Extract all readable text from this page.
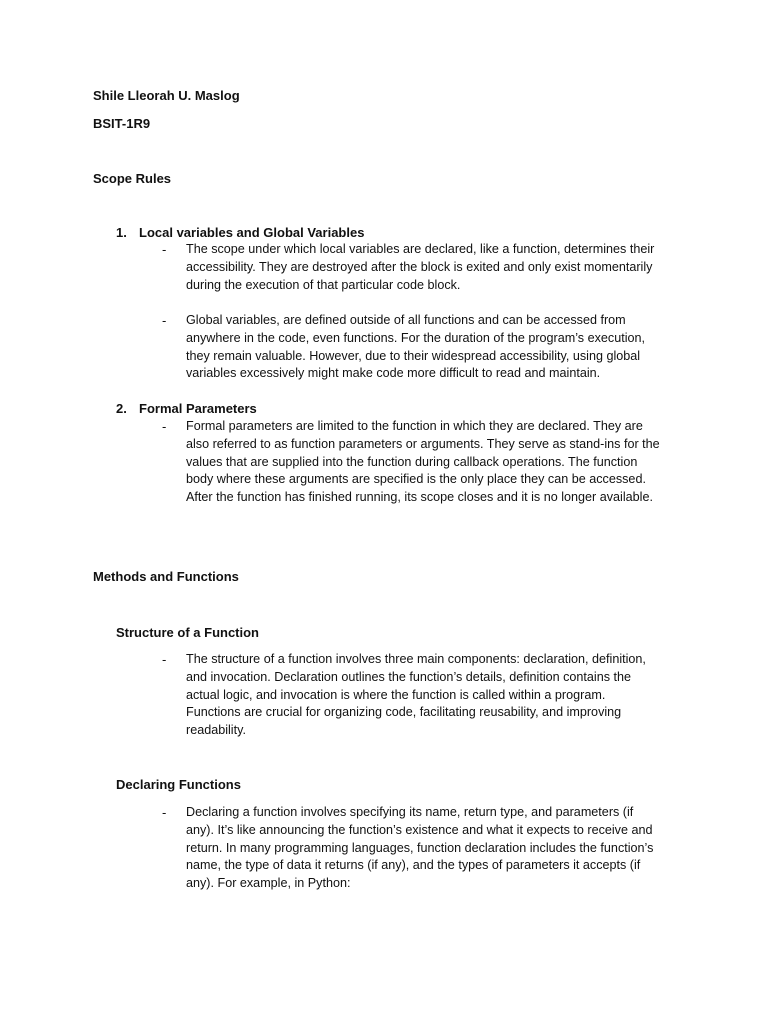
Shile Lleorah U. Maslog
BSIT-1R9
Scope Rules
1. Local variables and Global Variables
- The scope under which local variables are declared, like a function, determines their
accessibility. They are destroyed after the block is exited and only exist momentarily
during the execution of that particular code block.
- Global variables, are defined outside of all functions and can be accessed from
anywhere in the code, even functions. For the duration of the program’s execution,
they remain valuable. However, due to their widespread accessibility, using global
variables excessively might make code more difficult to read and maintain.
2. Formal Parameters
- Formal parameters are limited to the function in which they are declared. They are
also referred to as function parameters or arguments. They serve as stand-ins for the
values that are supplied into the function during callback operations. The function
body where these arguments are specified is the only place they can be accessed.
After the function has finished running, its scope closes and it is no longer available.
Methods and Functions
Structure of a Function
- The structure of a function involves three main components: declaration, definition,
and invocation. Declaration outlines the function’s details, definition contains the
actual logic, and invocation is where the function is called within a program.
Functions are crucial for organizing code, facilitating reusability, and improving
readability.
Declaring Functions
- Declaring a function involves specifying its name, return type, and parameters (if
any). It’s like announcing the function’s existence and what it expects to receive and
return. In many programming languages, function declaration includes the function’s
name, the type of data it returns (if any), and the types of parameters it accepts (if
any). For example, in Python:
